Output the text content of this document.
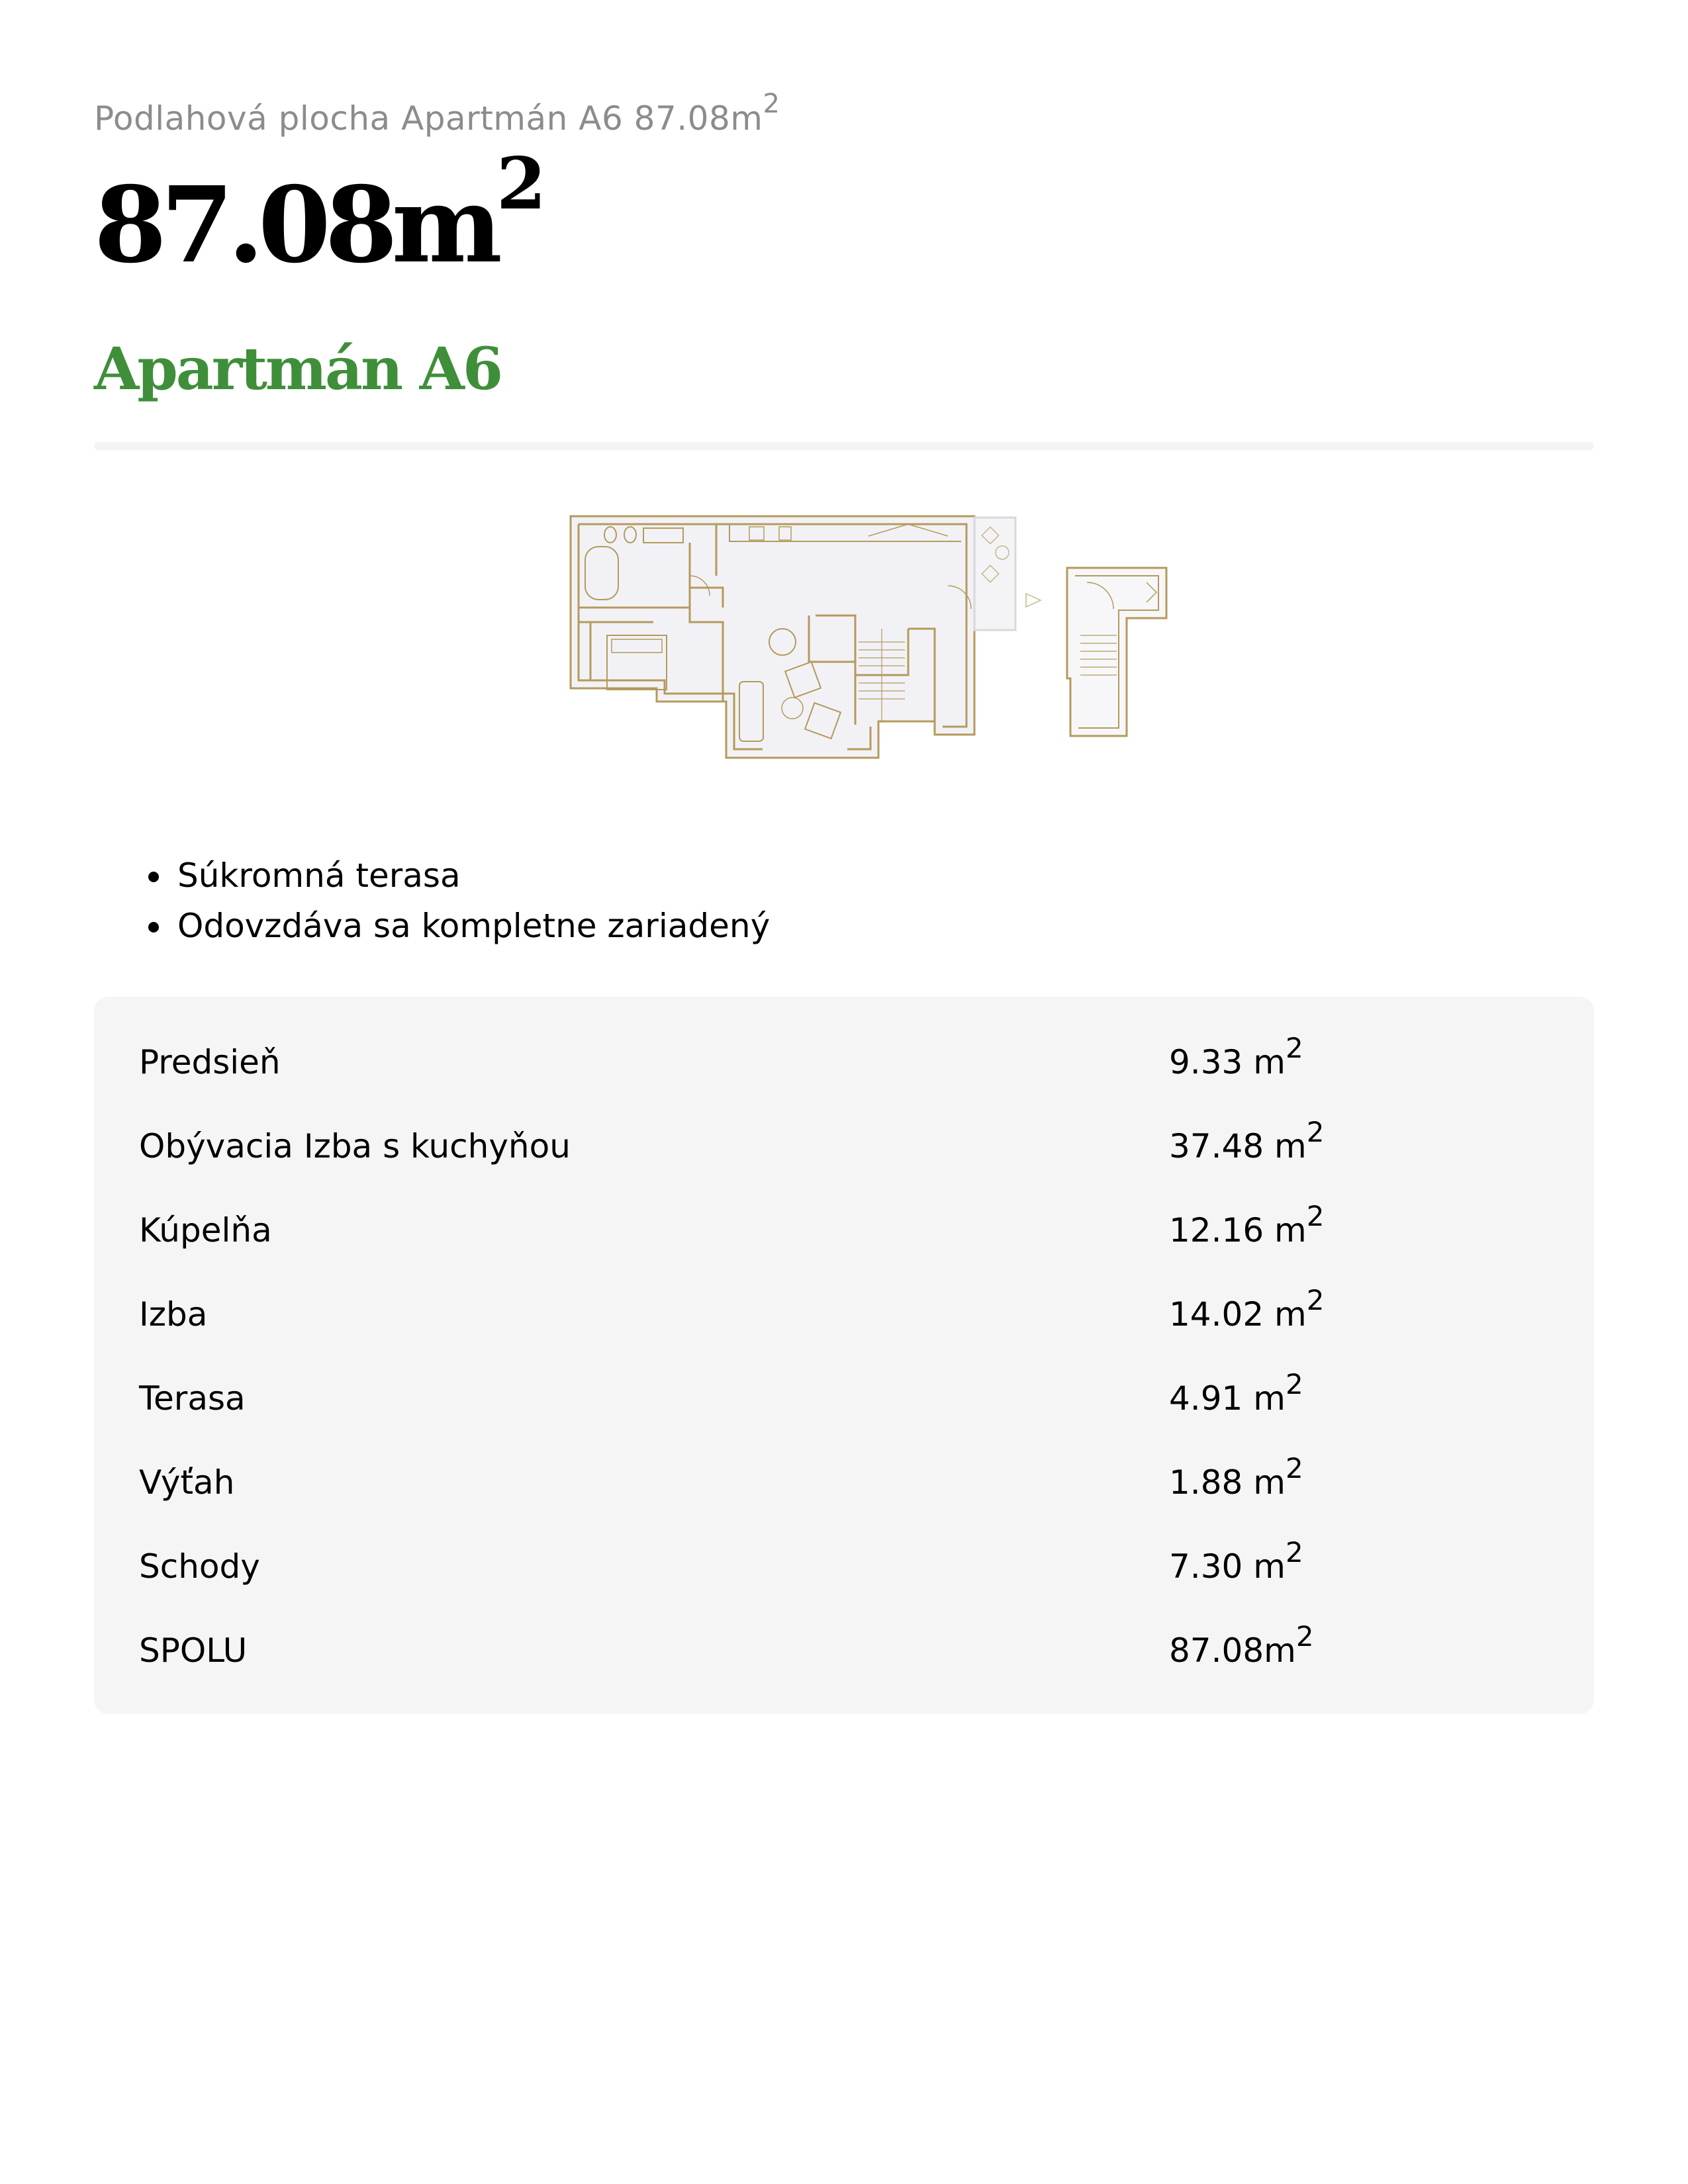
Podlahová plocha Apartmán A6 $87.08m^2$
$87.08m^2$
Apartmán A6
Súkromná terasa
Odovzdáva sa kompletne zariadený
Predsieň	9.33 $m^2$
Obývacia Izba s kuchyňou	37.48 $m^2$
Kúpelňa	12.16 $m^2$
Izba	14.02 $m^2$
Terasa	4.91 $m^2$
Výťah	1.88 $m^2$
Schody	7.30 $m^2$
SPOLU	$87.08m^2$
